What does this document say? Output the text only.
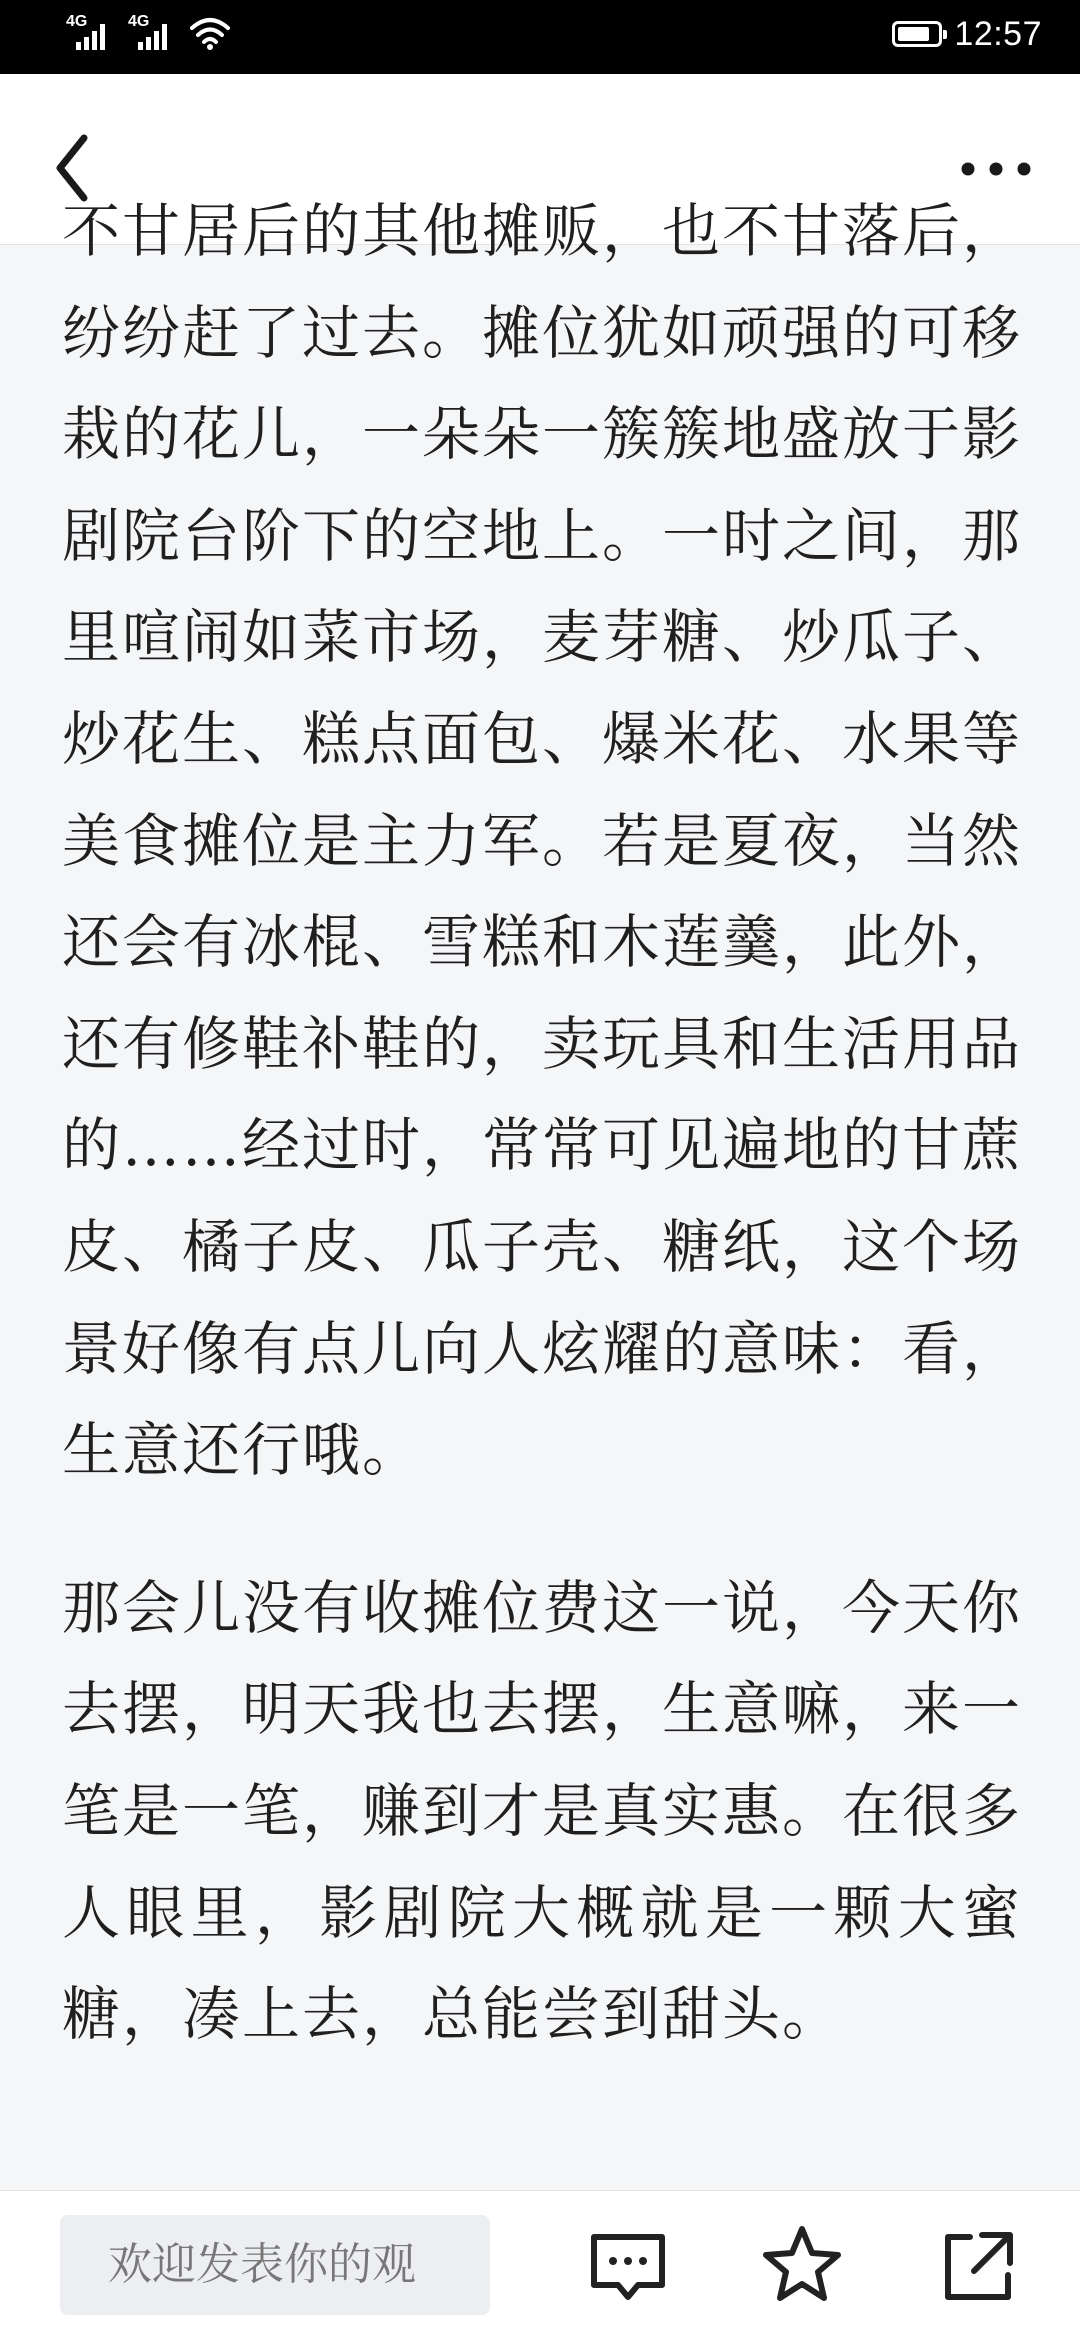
4G	4G	12:57

不甘居后的其他摊贩，也不甘落后，纷纷赶了过去。摊位犹如顽强的可移栽的花儿，一朵朵一簇簇地盛放于影剧院台阶下的空地上。一时之间，那里喧闹如菜市场，麦芽糖、炒瓜子、炒花生、糕点面包、爆米花、水果等美食摊位是主力军。若是夏夜，当然还会有冰棍、雪糕和木莲羹，此外，还有修鞋补鞋的，卖玩具和生活用品的……经过时，常常可见遍地的甘蔗皮、橘子皮、瓜子壳、糖纸，这个场景好像有点儿向人炫耀的意味：看，生意还行哦。

那会儿没有收摊位费这一说，今天你去摆，明天我也去摆，生意嘛，来一笔是一笔，赚到才是真实惠。在很多人眼里，影剧院大概就是一颗大蜜糖，凑上去，总能尝到甜头。

欢迎发表你的观
